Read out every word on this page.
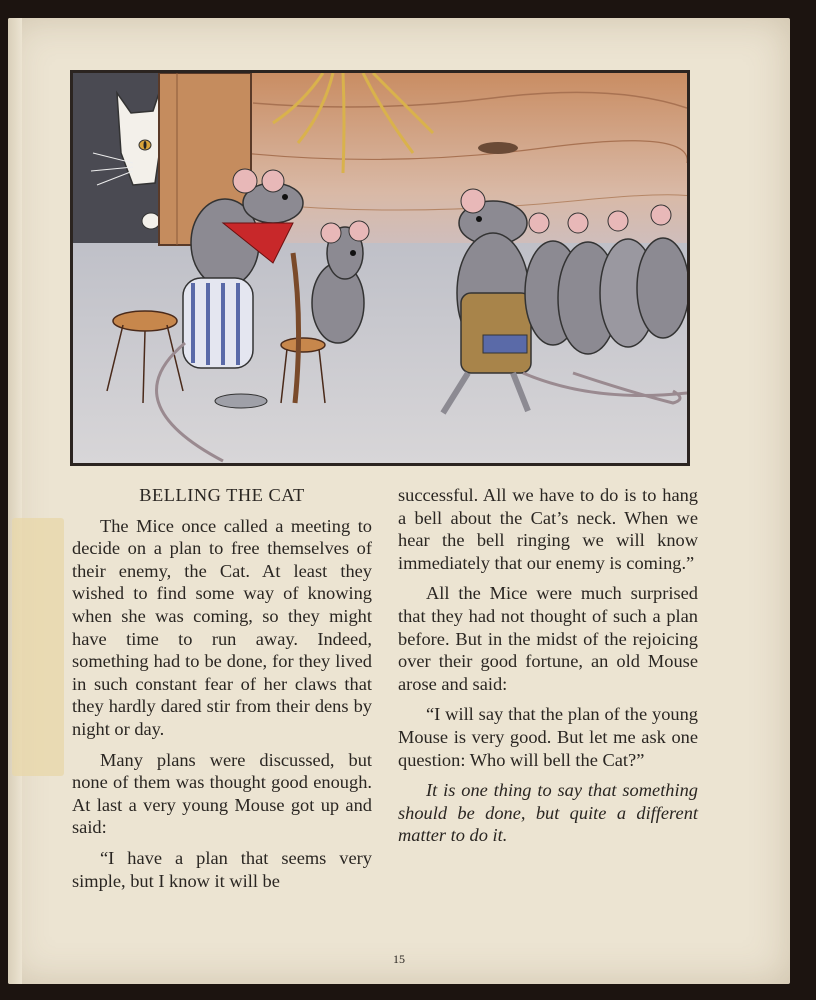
BELLING THE CAT

The Mice once called a meeting to decide on a plan to free themselves of their enemy, the Cat. At least they wished to find some way of knowing when she was coming, so they might have time to run away. Indeed, something had to be done, for they lived in such constant fear of her claws that they hardly dared stir from their dens by night or day.

Many plans were discussed, but none of them was thought good enough. At last a very young Mouse got up and said:

“I have a plan that seems very simple, but I know it will be

successful. All we have to do is to hang a bell about the Cat’s neck. When we hear the bell ringing we will know immediately that our enemy is coming.”

All the Mice were much surprised that they had not thought of such a plan before. But in the midst of the rejoicing over their good fortune, an old Mouse arose and said:

“I will say that the plan of the young Mouse is very good. But let me ask one question: Who will bell the Cat?”

It is one thing to say that something should be done, but quite a different matter to do it.

15
